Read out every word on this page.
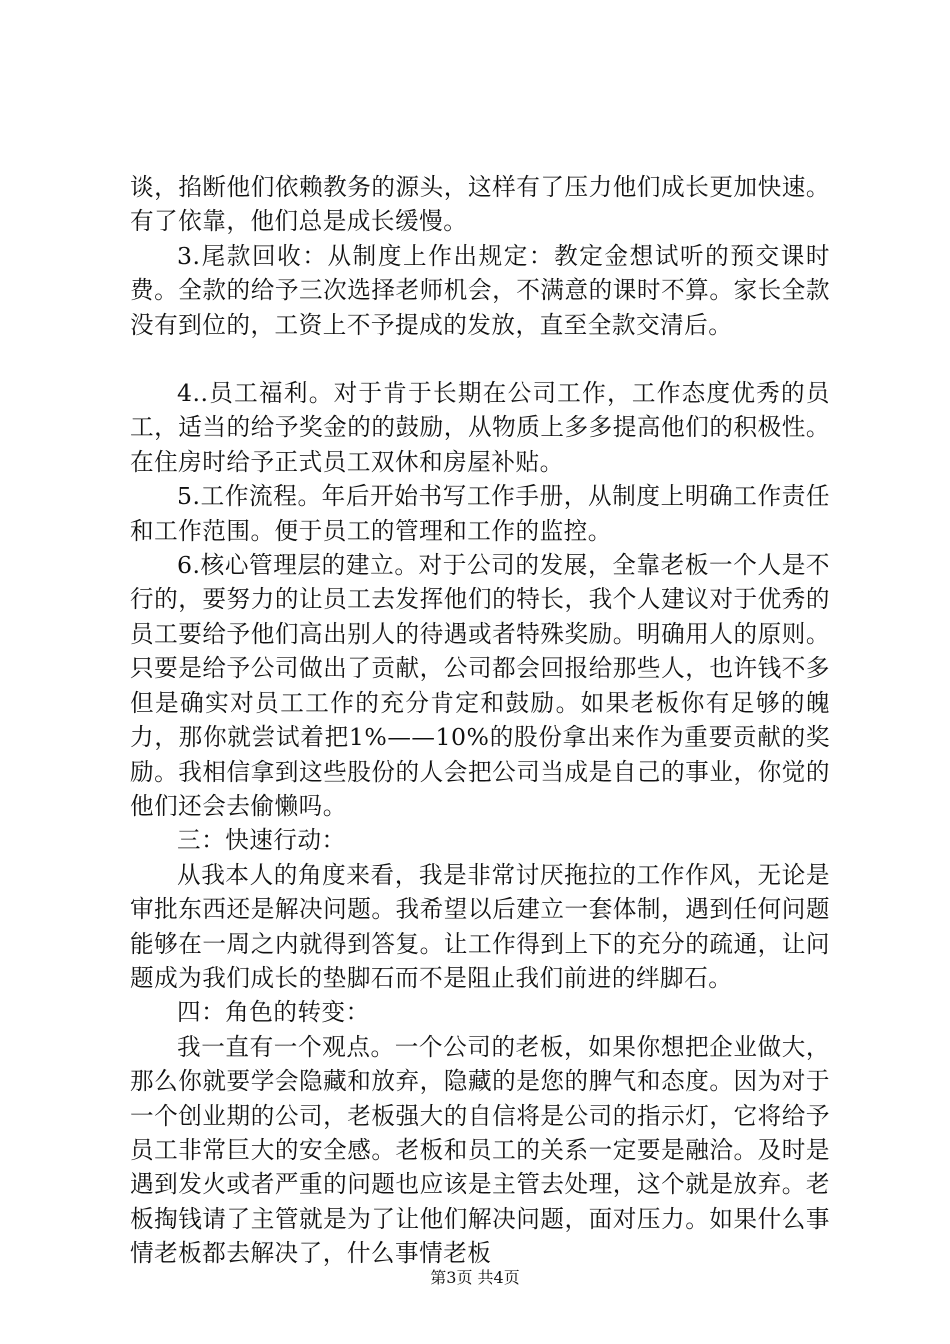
谈，掐断他们依赖教务的源头，这样有了压力他们成长更加快速。有了依靠，他们总是成长缓慢。

3.尾款回收：从制度上作出规定：教定金想试听的预交课时费。全款的给予三次选择老师机会，不满意的课时不算。家长全款没有到位的，工资上不予提成的发放，直至全款交清后。

4..员工福利。对于肯于长期在公司工作，工作态度优秀的员工，适当的给予奖金的的鼓励，从物质上多多提高他们的积极性。在住房时给予正式员工双休和房屋补贴。

5.工作流程。年后开始书写工作手册，从制度上明确工作责任和工作范围。便于员工的管理和工作的监控。

6.核心管理层的建立。对于公司的发展，全靠老板一个人是不行的，要努力的让员工去发挥他们的特长，我个人建议对于优秀的员工要给予他们高出别人的待遇或者特殊奖励。明确用人的原则。只要是给予公司做出了贡献，公司都会回报给那些人，也许钱不多但是确实对员工工作的充分肯定和鼓励。如果老板你有足够的魄力，那你就尝试着把1%——10%的股份拿出来作为重要贡献的奖励。我相信拿到这些股份的人会把公司当成是自己的事业，你觉的他们还会去偷懒吗。

三：快速行动：

从我本人的角度来看，我是非常讨厌拖拉的工作作风，无论是审批东西还是解决问题。我希望以后建立一套体制，遇到任何问题能够在一周之内就得到答复。让工作得到上下的充分的疏通，让问题成为我们成长的垫脚石而不是阻止我们前进的绊脚石。

四：角色的转变：

我一直有一个观点。一个公司的老板，如果你想把企业做大，那么你就要学会隐藏和放弃，隐藏的是您的脾气和态度。因为对于一个创业期的公司，老板强大的自信将是公司的指示灯，它将给予员工非常巨大的安全感。老板和员工的关系一定要是融洽。及时是遇到发火或者严重的问题也应该是主管去处理，这个就是放弃。老板掏钱请了主管就是为了让他们解决问题，面对压力。如果什么事情老板都去解决了，什么事情老板

第3页 共4页
